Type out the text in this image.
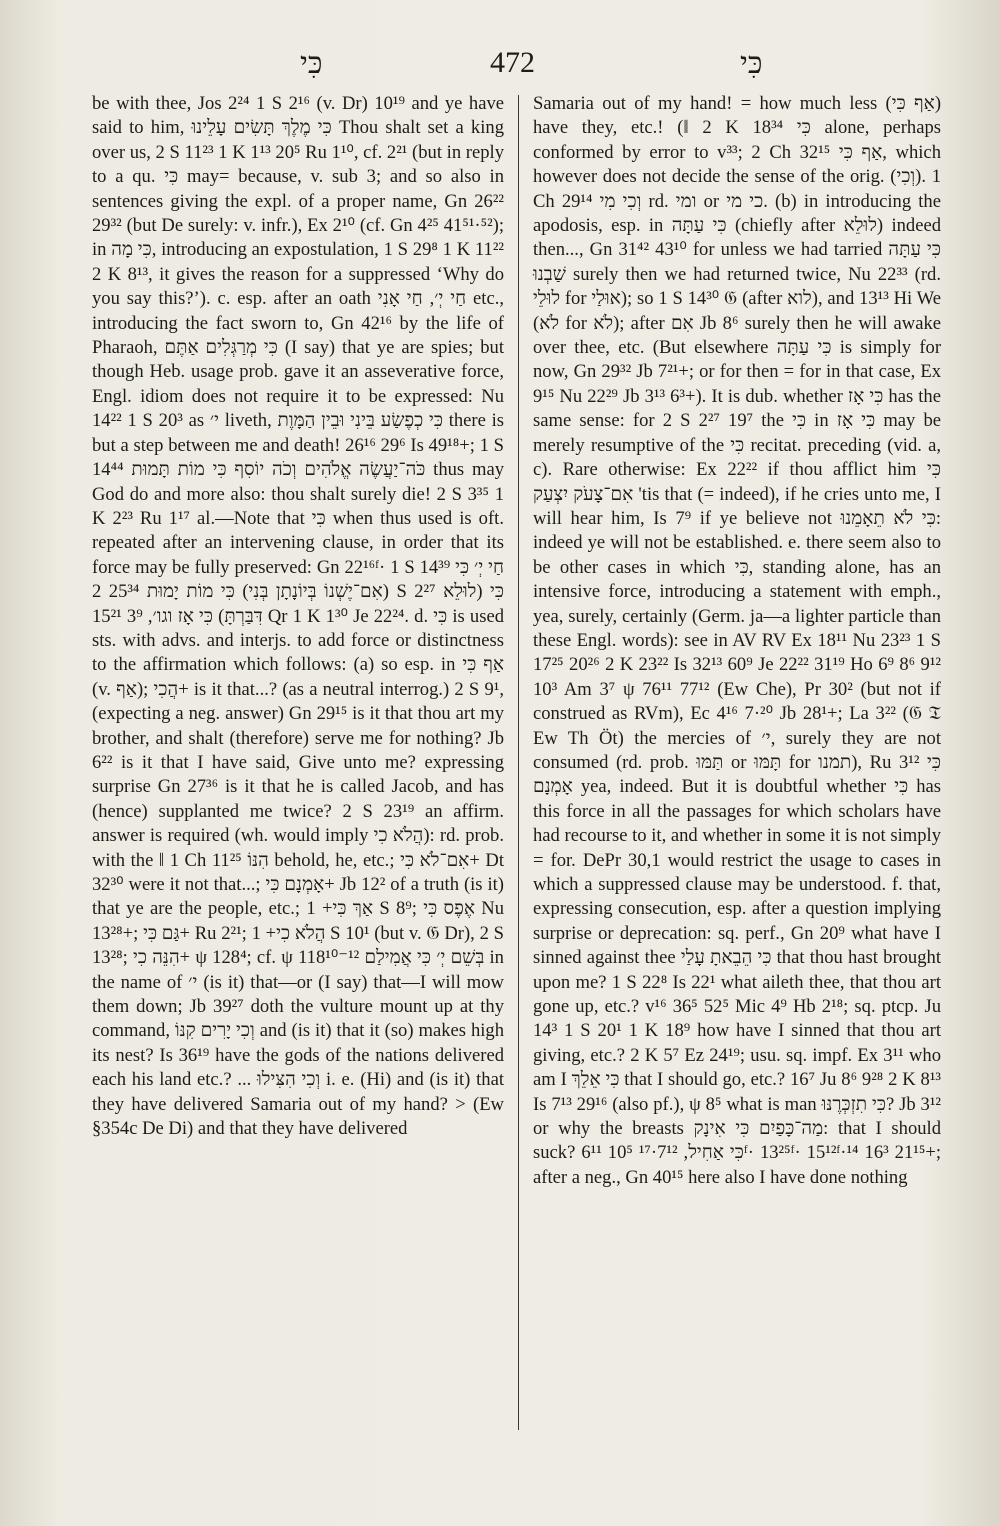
כִּי	472	כִּי

be with thee, Jos 2²⁴ 1 S 2¹⁶ (v. Dr) 10¹⁹ and ye have said to him, כִּי מֶלֶךְ תָּשִׂים עָלֵינוּ Thou shalt set a king over us, 2 S 11²³ 1 K 1¹³ 20⁵ Ru 1¹⁰, cf. 2²¹ (but in reply to a qu. כִּי may= because, v. sub 3; and so also in sentences giving the expl. of a proper name, Gn 26²² 29³² (but De surely: v. infr.), Ex 2¹⁰ (cf. Gn 4²⁵ 41⁵¹·⁵²); in כִּי מָה, introducing an expostulation, 1 S 29⁸ 1 K 11²² 2 K 8¹³, it gives the reason for a suppressed ‘Why do you say this?’). c. esp. after an oath חַי יְ׳, חַי אָנִי etc., introducing the fact sworn to, Gn 42¹⁶ by the life of Pharaoh, כִּי מְרַגְּלִים אַתֶּם (I say) that ye are spies; but though Heb. usage prob. gave it an asseverative force, Engl. idiom does not require it to be expressed: Nu 14²² 1 S 20³ as י׳ liveth, כִּי כְפֶשַׂע בֵּינִי וּבֵין הַמָּוֶת there is but a step between me and death! 26¹⁶ 29⁶ Is 49¹⁸+; 1 S 14⁴⁴ כֹּה־יַעֲשֶׂה אֱלֹהִים וְכֹה יוֹסִף כִּי מוֹת תָּמוּת thus may God do and more also: thou shalt surely die! 2 S 3³⁵ 1 K 2²³ Ru 1¹⁷ al.—Note that כִּי when thus used is oft. repeated after an intervening clause, in order that its force may be fully preserved: Gn 22¹⁶ᶠ· 1 S 14³⁹ חַי יְ׳ כִּי (אִם־יֶשְׁנוֹ בְּיוֹנָתָן בְּנִי) כִּי מוֹת יָמוּת 25³⁴ 2 S 2²⁷ כִּי (לוּלֵא דִּבַּרְתָּ) כִּי אָז וגו׳, 3⁹ 15²¹ Qr 1 K 1³⁰ Je 22²⁴. d. כִּי is used sts. with advs. and interjs. to add force or distinctness to the affirmation which follows: (a) so esp. in אַף כִּי (v. אַף); הֲכִי+ is it that...? (as a neutral interrog.) 2 S 9¹, (expecting a neg. answer) Gn 29¹⁵ is it that thou art my brother, and shalt (therefore) serve me for nothing? Jb 6²² is it that I have said, Give unto me? expressing surprise Gn 27³⁶ is it that he is called Jacob, and has (hence) supplanted me twice? 2 S 23¹⁹ an affirm. answer is required (wh. would imply הֲלֹא כִי): rd. prob. with the ‖ 1 Ch 11²⁵ הִנּוֹ behold, he, etc.; אִם־לֹא כִּי+ Dt 32³⁰ were it not that...; אָמְנָם כִּי+ Jb 12² of a truth (is it) that ye are the people, etc.; אַךְ כִּי+ 1 S 8⁹; אֶפֶס כִּי Nu 13²⁸+; גַּם כִּי+ Ru 2²¹; הֲלֹא כִי+ 1 S 10¹ (but v. 𝔊 Dr), 2 S 13²⁸; הִנֵּה כִי+ ψ 128⁴; cf. ψ 118¹⁰⁻¹² בְּשֵׁם יְ׳ כִּי אֲמִילַם in the name of י׳ (is it) that—or (I say) that—I will mow them down; Jb 39²⁷ doth the vulture mount up at thy command, וְכִי יָרִים קִנּוֹ and (is it) that it (so) makes high its nest? Is 36¹⁹ have the gods of the nations delivered each his land etc.? ... וְכִי הִצִּילוּ i. e. (Hi) and (is it) that they have delivered Samaria out of my hand? > (Ew §354c De Di) and that they have delivered

Samaria out of my hand! = how much less (אַף כִּי) have they, etc.! (‖ 2 K 18³⁴ כִּי alone, perhaps conformed by error to v³³; 2 Ch 32¹⁵ אַף כִּי, which however does not decide the sense of the orig. (וְכִי). 1 Ch 29¹⁴ וְכִי מִי rd. ומי or כי מי. (b) in introducing the apodosis, esp. in כִּי עַתָּה (chiefly after לוּלֵא) indeed then..., Gn 31⁴² 43¹⁰ for unless we had tarried כִּי עַתָּה שַׁבְנוּ surely then we had returned twice, Nu 22³³ (rd. לוּלֵי for אוּלַי); so 1 S 14³⁰ 𝔊 (after לוא), and 13¹³ Hi We (לֹא for לֹא); after אִם Jb 8⁶ surely then he will awake over thee, etc. (But elsewhere כִּי עַתָּה is simply for now, Gn 29³² Jb 7²¹+; or for then = for in that case, Ex 9¹⁵ Nu 22²⁹ Jb 3¹³ 6³+). It is dub. whether כִּי אָז has the same sense: for 2 S 2²⁷ 19⁷ the כִּי in כִּי אָז may be merely resumptive of the כִּי recitat. preceding (vid. a, c). Rare otherwise: Ex 22²² if thou afflict him כִּי אִם־צָעֹק יִצְעַק 'tis that (= indeed), if he cries unto me, I will hear him, Is 7⁹ if ye believe not כִּי לֹא תֵאָמֵנוּ: indeed ye will not be established. e. there seem also to be other cases in which כִּי, standing alone, has an intensive force, introducing a statement with emph., yea, surely, certainly (Germ. ja—a lighter particle than these Engl. words): see in AV RV Ex 18¹¹ Nu 23²³ 1 S 17²⁵ 20²⁶ 2 K 23²² Is 32¹³ 60⁹ Je 22²² 31¹⁹ Ho 6⁹ 8⁶ 9¹² 10³ Am 3⁷ ψ 76¹¹ 77¹² (Ew Che), Pr 30² (but not if construed as RVm), Ec 4¹⁶ 7·²⁰ Jb 28¹+; La 3²² (𝔊 𝔗 Ew Th Öt) the mercies of י׳, surely they are not consumed (rd. prob. תַּמּוּ or תָּמּוּ for תמנו), Ru 3¹² כִּי אָמְנָם yea, indeed. But it is doubtful whether כִּי has this force in all the passages for which scholars have had recourse to it, and whether in some it is not simply = for. DePr 30,1 would restrict the usage to cases in which a suppressed clause may be understood. f. that, expressing consecution, esp. after a question implying surprise or deprecation: sq. perf., Gn 20⁹ what have I sinned against thee כִּי הֵבֵאתָ עָלַי that thou hast brought upon me? 1 S 22⁸ Is 22¹ what aileth thee, that thou art gone up, etc.? v¹⁶ 36⁵ 52⁵ Mic 4⁹ Hb 2¹⁸; sq. ptcp. Ju 14³ 1 S 20¹ 1 K 18⁹ how have I sinned that thou art giving, etc.? 2 K 5⁷ Ez 24¹⁹; usu. sq. impf. Ex 3¹¹ who am I כִּי אֵלֵךְ that I should go, etc.? 16⁷ Ju 8⁶ 9²⁸ 2 K 8¹³ Is 7¹³ 29¹⁶ (also pf.), ψ 8⁵ what is man כִּי תִזְכְּרֶנּוּ? Jb 3¹² or why the breasts מַה־כָּפַיִם כִּי אִינָק: that I should suck? 6¹¹ כִּי אַחִיל, 7¹²·¹⁷ 10⁵ᶠ· 13²⁵ᶠ· 15¹²ᶠ·¹⁴ 16³ 21¹⁵+; after a neg., Gn 40¹⁵ here also I have done nothing
